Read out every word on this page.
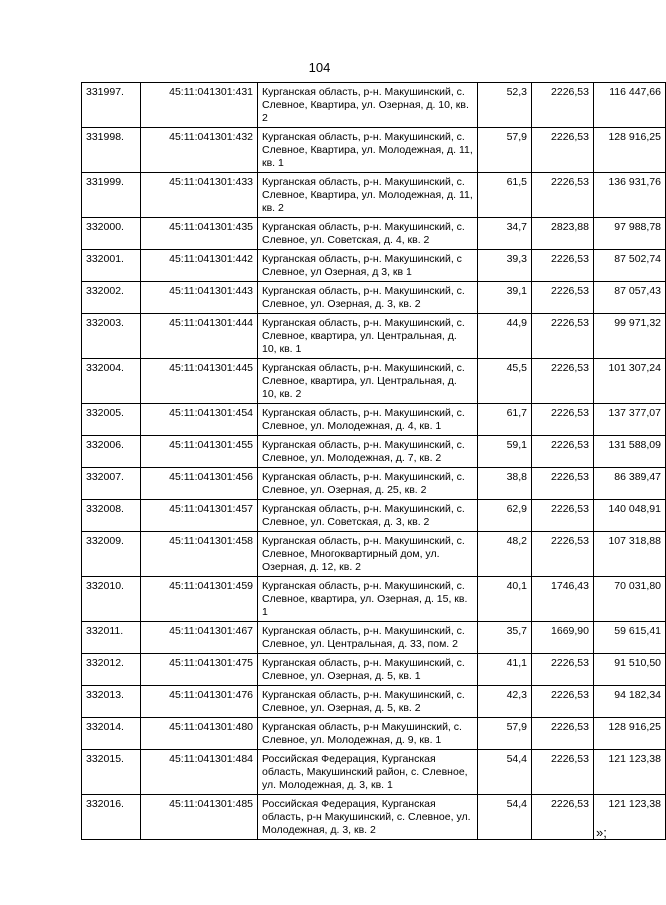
104
331997.	45:11:041301:431	Курганская область, р-н. Макушинский, с. Слевное, Квартира, ул. Озерная, д. 10, кв. 2	52,3	2226,53	116 447,66
331998.	45:11:041301:432	Курганская область, р-н. Макушинский, с. Слевное, Квартира, ул. Молодежная, д. 11, кв. 1	57,9	2226,53	128 916,25
331999.	45:11:041301:433	Курганская область, р-н. Макушинский, с. Слевное, Квартира, ул. Молодежная, д. 11, кв. 2	61,5	2226,53	136 931,76
332000.	45:11:041301:435	Курганская область, р-н. Макушинский, с. Слевное, ул. Советская, д. 4, кв. 2	34,7	2823,88	97 988,78
332001.	45:11:041301:442	Курганская область, р-н. Макушинский, с Слевное, ул Озерная, д 3, кв 1	39,3	2226,53	87 502,74
332002.	45:11:041301:443	Курганская область, р-н. Макушинский, с. Слевное, ул. Озерная, д. 3, кв. 2	39,1	2226,53	87 057,43
332003.	45:11:041301:444	Курганская область, р-н. Макушинский, с. Слевное, квартира, ул. Центральная, д. 10, кв. 1	44,9	2226,53	99 971,32
332004.	45:11:041301:445	Курганская область, р-н. Макушинский, с. Слевное, квартира, ул. Центральная, д. 10, кв. 2	45,5	2226,53	101 307,24
332005.	45:11:041301:454	Курганская область, р-н. Макушинский, с. Слевное, ул. Молодежная, д. 4, кв. 1	61,7	2226,53	137 377,07
332006.	45:11:041301:455	Курганская область, р-н. Макушинский, с. Слевное, ул. Молодежная, д. 7, кв. 2	59,1	2226,53	131 588,09
332007.	45:11:041301:456	Курганская область, р-н. Макушинский, с. Слевное, ул. Озерная, д. 25, кв. 2	38,8	2226,53	86 389,47
332008.	45:11:041301:457	Курганская область, р-н. Макушинский, с. Слевное, ул. Советская, д. 3, кв. 2	62,9	2226,53	140 048,91
332009.	45:11:041301:458	Курганская область, р-н. Макушинский, с. Слевное, Многоквартирный дом, ул. Озерная, д. 12, кв. 2	48,2	2226,53	107 318,88
332010.	45:11:041301:459	Курганская область, р-н. Макушинский, с. Слевное, квартира, ул. Озерная, д. 15, кв. 1	40,1	1746,43	70 031,80
332011.	45:11:041301:467	Курганская область, р-н. Макушинский, с. Слевное, ул. Центральная, д. 33, пом. 2	35,7	1669,90	59 615,41
332012.	45:11:041301:475	Курганская область, р-н. Макушинский, с. Слевное, ул. Озерная, д. 5, кв. 1	41,1	2226,53	91 510,50
332013.	45:11:041301:476	Курганская область, р-н. Макушинский, с. Слевное, ул. Озерная, д. 5, кв. 2	42,3	2226,53	94 182,34
332014.	45:11:041301:480	Курганская область, р-н Макушинский, с. Слевное, ул. Молодежная, д. 9, кв. 1	57,9	2226,53	128 916,25
332015.	45:11:041301:484	Российская Федерация, Курганская область, Макушинский район, с. Слевное, ул. Молодежная, д. 3, кв. 1	54,4	2226,53	121 123,38
332016.	45:11:041301:485	Российская Федерация, Курганская область, р-н Макушинский, с. Слевное, ул. Молодежная, д. 3, кв. 2	54,4	2226,53	121 123,38
»;
